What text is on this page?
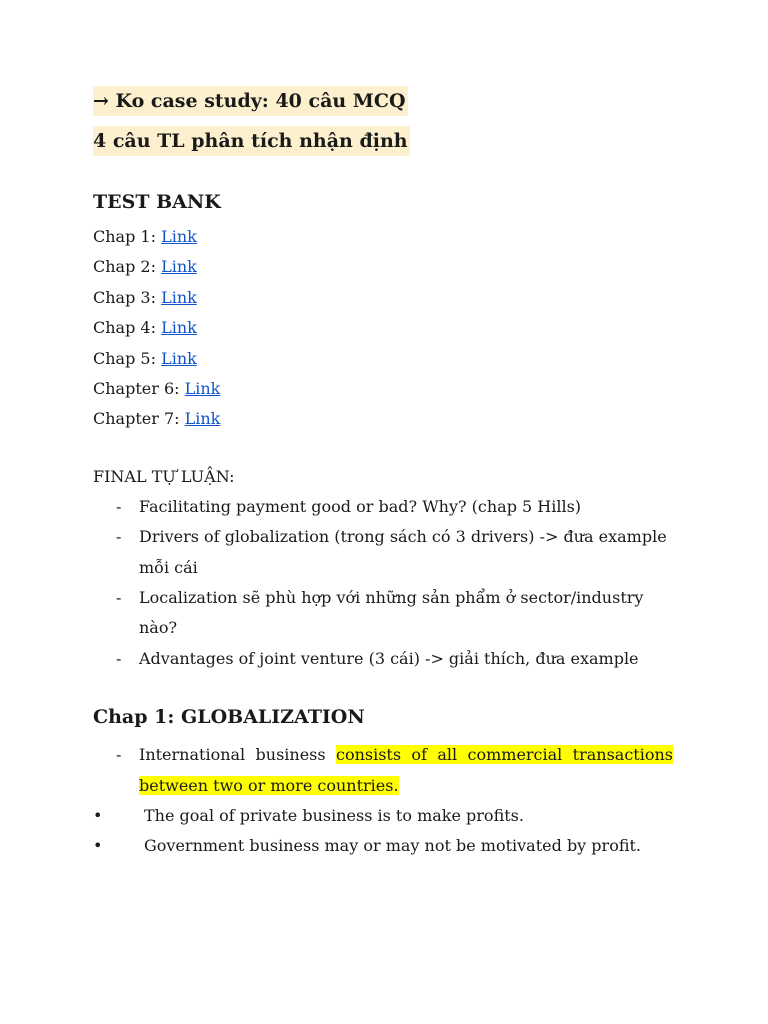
→ Ko case study: 40 câu MCQ
4 câu TL phân tích nhận định
TEST BANK
Chap 1: Link
Chap 2: Link
Chap 3: Link
Chap 4: Link
Chap 5: Link
Chapter 6: Link
Chapter 7: Link
FINAL TỰ LUẬN:
- Facilitating payment good or bad? Why? (chap 5 Hills)
- Drivers of globalization (trong sách có 3 drivers) -> đưa example mỗi cái
- Localization sẽ phù hợp với những sản phẩm ở sector/industry nào?
- Advantages of joint venture (3 cái) -> giải thích, đưa example
Chap 1: GLOBALIZATION
- International business consists of all commercial transactions between two or more countries.
•	The goal of private business is to make profits.
•	Government business may or may not be motivated by profit.
